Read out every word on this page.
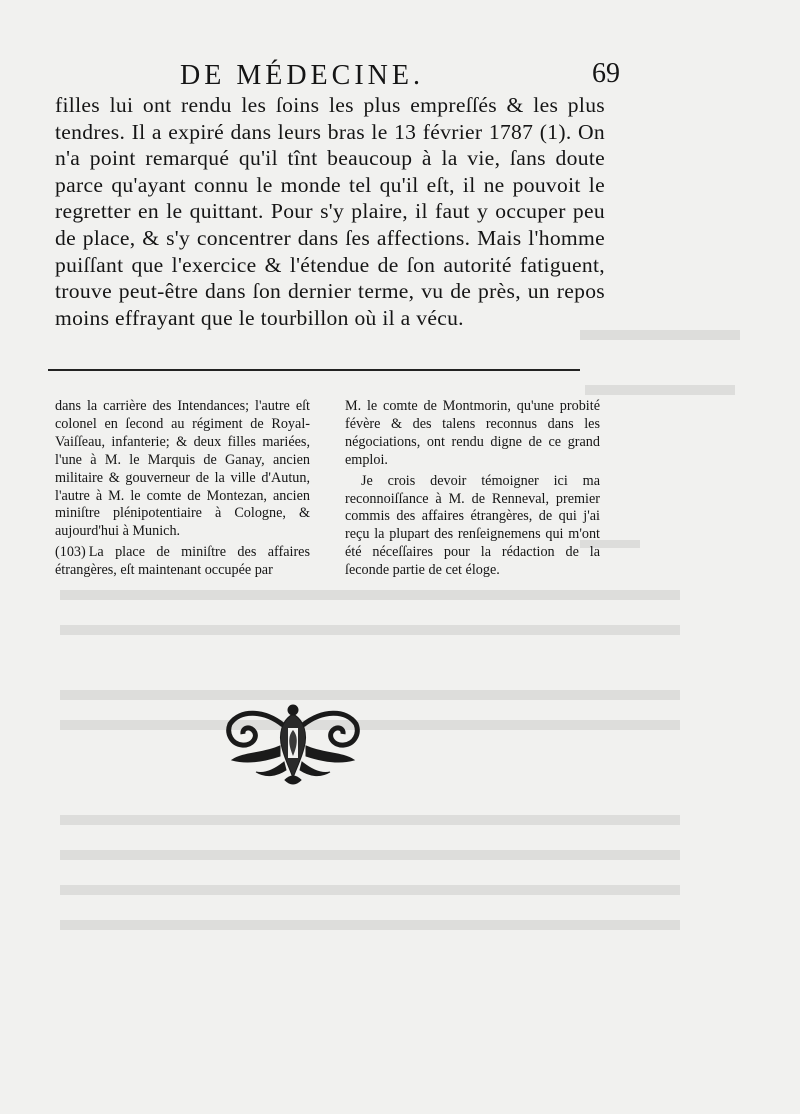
DE MÉDECINE.	69

filles lui ont rendu les ſoins les plus empreſſés & les plus tendres. Il a expiré dans leurs bras le 13 février 1787 (1). On n'a point remarqué qu'il tînt beaucoup à la vie, ſans doute parce qu'ayant connu le monde tel qu'il eſt, il ne pouvoit le regretter en le quittant. Pour s'y plaire, il faut y occuper peu de place, & s'y concentrer dans ſes affections. Mais l'homme puiſſant que l'exercice & l'étendue de ſon autorité fatiguent, trouve peut-être dans ſon dernier terme, vu de près, un repos moins effrayant que le tourbillon où il a vécu.

dans la carrière des Intendances; l'autre eſt colonel en ſecond au régiment de Royal-Vaiſſeau, infanterie; & deux filles mariées, l'une à M. le Marquis de Ganay, ancien militaire & gouverneur de la ville d'Autun, l'autre à M. le comte de Montezan, ancien miniſtre plénipotentiaire à Cologne, & aujourd'hui à Munich.

(103) La place de miniſtre des affaires étrangères, eſt maintenant occupée par

M. le comte de Montmorin, qu'une probité févère & des talens reconnus dans les négociations, ont rendu digne de ce grand emploi.

Je crois devoir témoigner ici ma reconnoiſſance à M. de Renneval, premier commis des affaires étrangères, de qui j'ai reçu la plupart des renſeignemens qui m'ont été néceſſaires pour la rédaction de la ſeconde partie de cet éloge.
